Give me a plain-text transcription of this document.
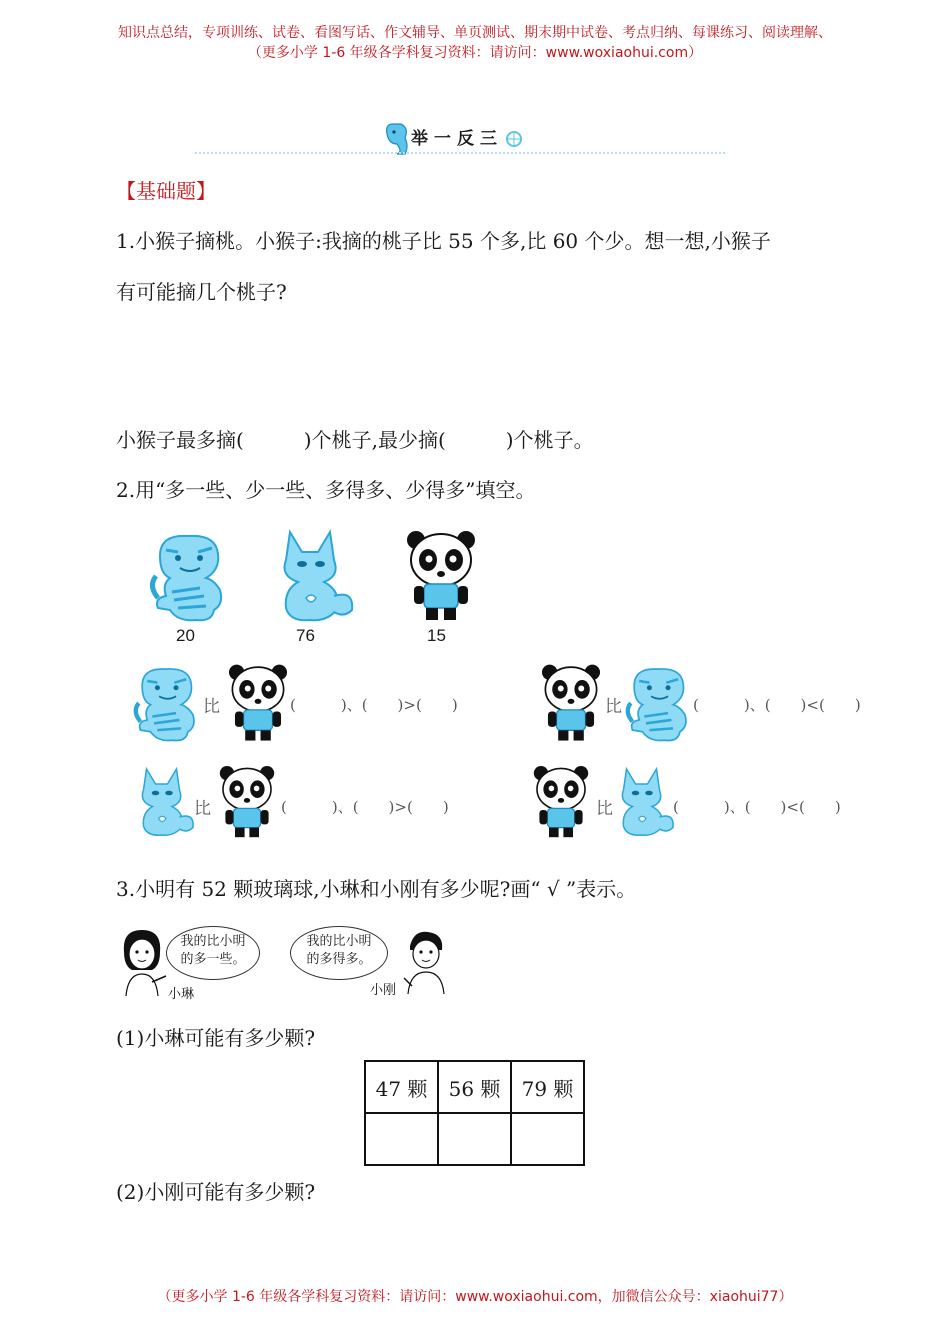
知识点总结，专项训练、试卷、看图写话、作文辅导、单页测试、期末期中试卷、考点归纳、每课练习、阅读理解、
（更多小学 1-6 年级各学科复习资料：请访问：www.woxiaohui.com）
举一反三
【基础题】
1.小猴子摘桃。小猴子:我摘的桃子比 55 个多,比 60 个少。想一想,小猴子
有可能摘几个桃子?
小猴子最多摘(　　　)个桃子,最少摘(　　　)个桃子。
2.用“多一些、少一些、多得多、少得多”填空。
20	76	15
比	(　　　)、(　　)>(　　)	比	(　　　)、(　　)<(　　)
比	(　　　)、(　　)>(　　)	比	(　　　)、(　　)<(　　)
3.小明有 52 颗玻璃球,小琳和小刚有多少呢?画“ √ ”表示。
我的比小明
的多一些。
小琳
我的比小明
的多得多。
小刚
(1)小琳可能有多少颗?
47 颗	56 颗	79 颗

(2)小刚可能有多少颗?
（更多小学 1-6 年级各学科复习资料：请访问：www.woxiaohui.com，加微信公众号：xiaohui77）
